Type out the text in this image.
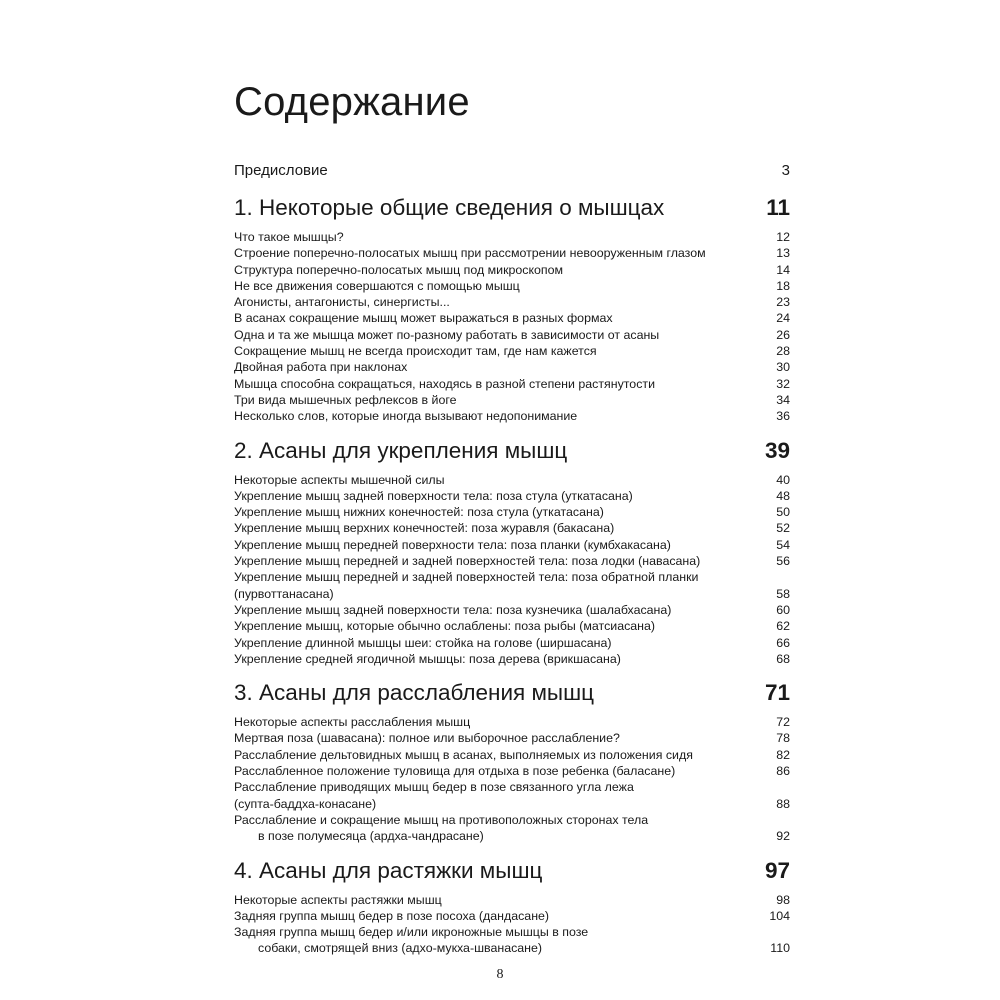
Содержание
Предисловие	3
1. Некоторые общие сведения о мышцах	11
Что такое мышцы?	12
Строение поперечно-полосатых мышц при рассмотрении невооруженным глазом	13
Структура поперечно-полосатых мышц под микроскопом	14
Не все движения совершаются с помощью мышц	18
Агонисты, антагонисты, синергисты...	23
В асанах сокращение мышц может выражаться в разных формах	24
Одна и та же мышца может по-разному работать в зависимости от асаны	26
Сокращение мышц не всегда происходит там, где нам кажется	28
Двойная работа при наклонах	30
Мышца способна сокращаться, находясь в разной степени растянутости	32
Три вида мышечных рефлексов в йоге	34
Несколько слов, которые иногда вызывают недопонимание	36
2. Асаны для укрепления мышц	39
Некоторые аспекты мышечной силы	40
Укрепление мышц задней поверхности тела: поза стула (уткатасана)	48
Укрепление мышц нижних конечностей: поза стула (уткатасана)	50
Укрепление мышц верхних конечностей: поза журавля (бакасана)	52
Укрепление мышц передней поверхности тела: поза планки (кумбхакасана)	54
Укрепление мышц передней и задней поверхностей тела: поза лодки (навасана)	56
Укрепление мышц передней и задней поверхностей тела: поза обратной планки
(пурвоттанасана)	58
Укрепление мышц задней поверхности тела: поза кузнечика (шалабхасана)	60
Укрепление мышц, которые обычно ослаблены: поза рыбы (матсиасана)	62
Укрепление длинной мышцы шеи: стойка на голове (ширшасана)	66
Укрепление средней ягодичной мышцы: поза дерева (врикшасана)	68
3. Асаны для расслабления мышц	71
Некоторые аспекты расслабления мышц	72
Мертвая поза (шавасана): полное или выборочное расслабление?	78
Расслабление дельтовидных мышц в асанах, выполняемых из положения сидя	82
Расслабленное положение туловища для отдыха в позе ребенка (баласане)	86
Расслабление приводящих мышц бедер в позе связанного угла лежа
(супта-баддха-конасане)	88
Расслабление и сокращение мышц на противоположных сторонах тела
в позе полумесяца (ардха-чандрасане)	92
4. Асаны для растяжки мышц	97
Некоторые аспекты растяжки мышц	98
Задняя группа мышц бедер в позе посоха (дандасане)	104
Задняя группа мышц бедер и/или икроножные мышцы в позе
собаки, смотрящей вниз (адхо-мукха-шванасане)	110
8
